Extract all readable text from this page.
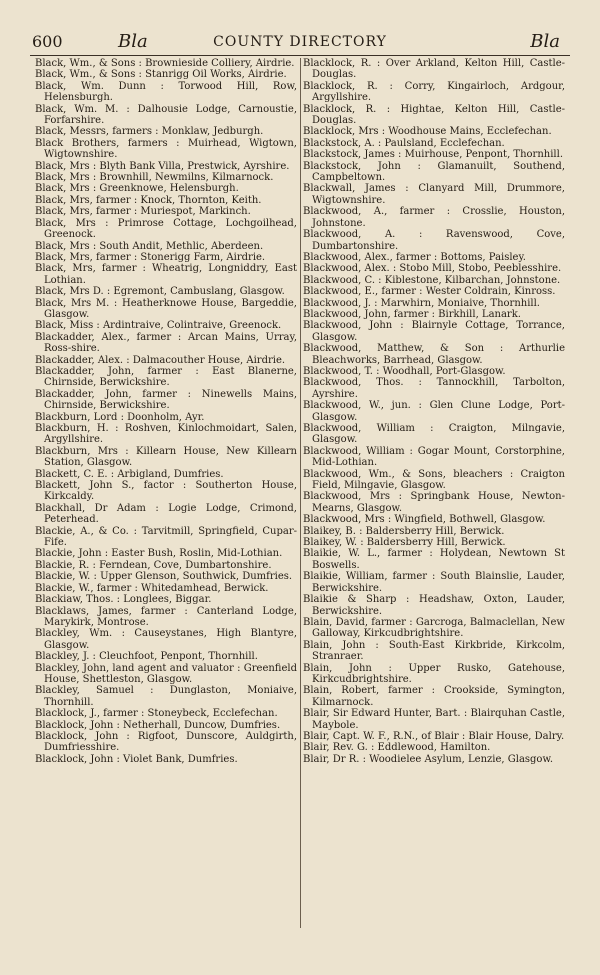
600	Bla	COUNTY DIRECTORY	Bla

Black, Wm., & Sons : Brownieside Colliery, Airdrie.

Black, Wm., & Sons : Stanrigg Oil Works, Airdrie.

Black, Wm. Dunn : Torwood Hill, Row, Helensburgh.

Black, Wm. M. : Dalhousie Lodge, Carnoustie, Forfarshire.

Black, Messrs, farmers : Monklaw, Jedburgh.

Black Brothers, farmers : Muirhead, Wigtown, Wigtownshire.

Black, Mrs : Blyth Bank Villa, Prestwick, Ayrshire.

Black, Mrs : Brownhill, Newmilns, Kilmarnock.

Black, Mrs : Greenknowe, Helensburgh.

Black, Mrs, farmer : Knock, Thornton, Keith.

Black, Mrs, farmer : Muriespot, Markinch.

Black, Mrs : Primrose Cottage, Lochgoilhead, Greenock.

Black, Mrs : South Andit, Methlic, Aberdeen.

Black, Mrs, farmer : Stonerigg Farm, Airdrie.

Black, Mrs, farmer : Wheatrig, Longniddry, East Lothian.

Black, Mrs D. : Egremont, Cambuslang, Glasgow.

Black, Mrs M. : Heatherknowe House, Bargeddie, Glasgow.

Black, Miss : Ardintraive, Colintraive, Greenock.

Blackadder, Alex., farmer : Arcan Mains, Urray, Ross-shire.

Blackadder, Alex. : Dalmacouther House, Airdrie.

Blackadder, John, farmer : East Blanerne, Chirnside, Berwickshire.

Blackadder, John, farmer : Ninewells Mains, Chirnside, Berwickshire.

Blackburn, Lord : Doonholm, Ayr.

Blackburn, H. : Roshven, Kinlochmoidart, Salen, Argyllshire.

Blackburn, Mrs : Killearn House, New Killearn Station, Glasgow.

Blackett, C. E. : Arbigland, Dumfries.

Blackett, John S., factor : Southerton House, Kirkcaldy.

Blackhall, Dr Adam : Logie Lodge, Crimond, Peterhead.

Blackie, A., & Co. : Tarvitmill, Springfield, Cupar-Fife.

Blackie, John : Easter Bush, Roslin, Mid-Lothian.

Blackie, R. : Ferndean, Cove, Dumbartonshire.

Blackie, W. : Upper Glenson, Southwick, Dumfries.

Blackie, W., farmer : Whitedamhead, Berwick.

Blackiaw, Thos. : Longlees, Biggar.

Blacklaws, James, farmer : Canterland Lodge, Marykirk, Montrose.

Blackley, Wm. : Causeystanes, High Blantyre, Glasgow.

Blackley, J. : Cleuchfoot, Penpont, Thornhill.

Blackley, John, land agent and valuator : Greenfield House, Shettleston, Glasgow.

Blackley, Samuel : Dunglaston, Moniaive, Thornhill.

Blacklock, J., farmer : Stoneybeck, Ecclefechan.

Blacklock, John : Netherhall, Duncow, Dumfries.

Blacklock, John : Rigfoot, Dunscore, Auldgirth, Dumfriesshire.

Blacklock, John : Violet Bank, Dumfries.

Blacklock, R. : Over Arkland, Kelton Hill, Castle-Douglas.

Blacklock, R. : Corry, Kingairloch, Ardgour, Argyllshire.

Blacklock, R. : Hightae, Kelton Hill, Castle-Douglas.

Blacklock, Mrs : Woodhouse Mains, Ecclefechan.

Blackstock, A. : Paulsland, Ecclefechan.

Blackstock, James : Muirhouse, Penpont, Thornhill.

Blackstock, John : Glamanuilt, Southend, Campbeltown.

Blackwall, James : Clanyard Mill, Drummore, Wigtownshire.

Blackwood, A., farmer : Crosslie, Houston, Johnstone.

Blackwood, A. : Ravenswood, Cove, Dumbartonshire.

Blackwood, Alex., farmer : Bottoms, Paisley.

Blackwood, Alex. : Stobo Mill, Stobo, Peeblesshire.

Blackwood, C. : Kiblestone, Kilbarchan, Johnstone.

Blackwood, E., farmer : Wester Coldrain, Kinross.

Blackwood, J. : Marwhirn, Moniaive, Thornhill.

Blackwood, John, farmer : Birkhill, Lanark.

Blackwood, John : Blairnyle Cottage, Torrance, Glasgow.

Blackwood, Matthew, & Son : Arthurlie Bleachworks, Barrhead, Glasgow.

Blackwood, T. : Woodhall, Port-Glasgow.

Blackwood, Thos. : Tannockhill, Tarbolton, Ayrshire.

Blackwood, W., jun. : Glen Clune Lodge, Port-Glasgow.

Blackwood, William : Craigton, Milngavie, Glasgow.

Blackwood, William : Gogar Mount, Corstorphine, Mid-Lothian.

Blackwood, Wm., & Sons, bleachers : Craigton Field, Milngavie, Glasgow.

Blackwood, Mrs : Springbank House, Newton-Mearns, Glasgow.

Blackwood, Mrs : Wingfield, Bothwell, Glasgow.

Blaikey, B. : Baldersberry Hill, Berwick.

Blaikey, W. : Baldersberry Hill, Berwick.

Blaikie, W. L., farmer : Holydean, Newtown St Boswells.

Blaikie, William, farmer : South Blainslie, Lauder, Berwickshire.

Blaikie & Sharp : Headshaw, Oxton, Lauder, Berwickshire.

Blain, David, farmer : Garcroga, Balmaclellan, New Galloway, Kirkcudbrightshire.

Blain, John : South-East Kirkbride, Kirkcolm, Stranraer.

Blain, John : Upper Rusko, Gatehouse, Kirkcudbrightshire.

Blain, Robert, farmer : Crookside, Symington, Kilmarnock.

Blair, Sir Edward Hunter, Bart. : Blairquhan Castle, Maybole.

Blair, Capt. W. F., R.N., of Blair : Blair House, Dalry.

Blair, Rev. G. : Eddlewood, Hamilton.

Blair, Dr R. : Woodielee Asylum, Lenzie, Glasgow.
